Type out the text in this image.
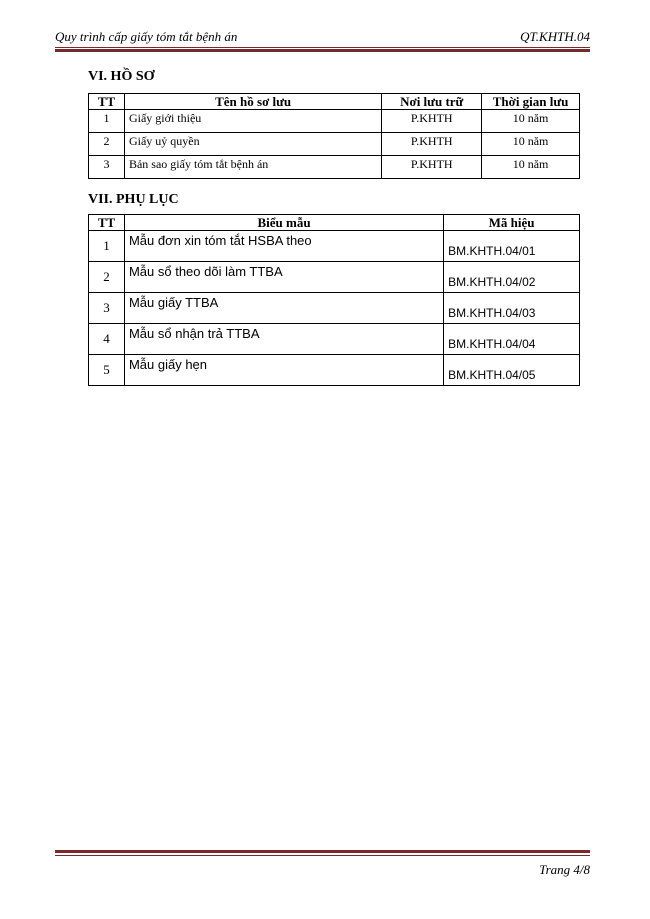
Quy trình cấp giấy tóm tắt bệnh án	QT.KHTH.04
VI. HỒ SƠ
TT	Tên hồ sơ lưu	Nơi lưu trữ	Thời gian lưu
1	Giấy giới thiệu	P.KHTH	10 năm
2	Giấy uỷ quyền	P.KHTH	10 năm
3	Bản sao giấy tóm tắt bệnh án	P.KHTH	10 năm
VII. PHỤ LỤC
TT	Biểu mẫu	Mã hiệu
1	Mẫu đơn xin tóm tắt HSBA theo	BM.KHTH.04/01
2	Mẫu sổ theo dõi làm TTBA	BM.KHTH.04/02
3	Mẫu giấy TTBA	BM.KHTH.04/03
4	Mẫu sổ nhận trả TTBA	BM.KHTH.04/04
5	Mẫu giấy hẹn	BM.KHTH.04/05
Trang 4/8
